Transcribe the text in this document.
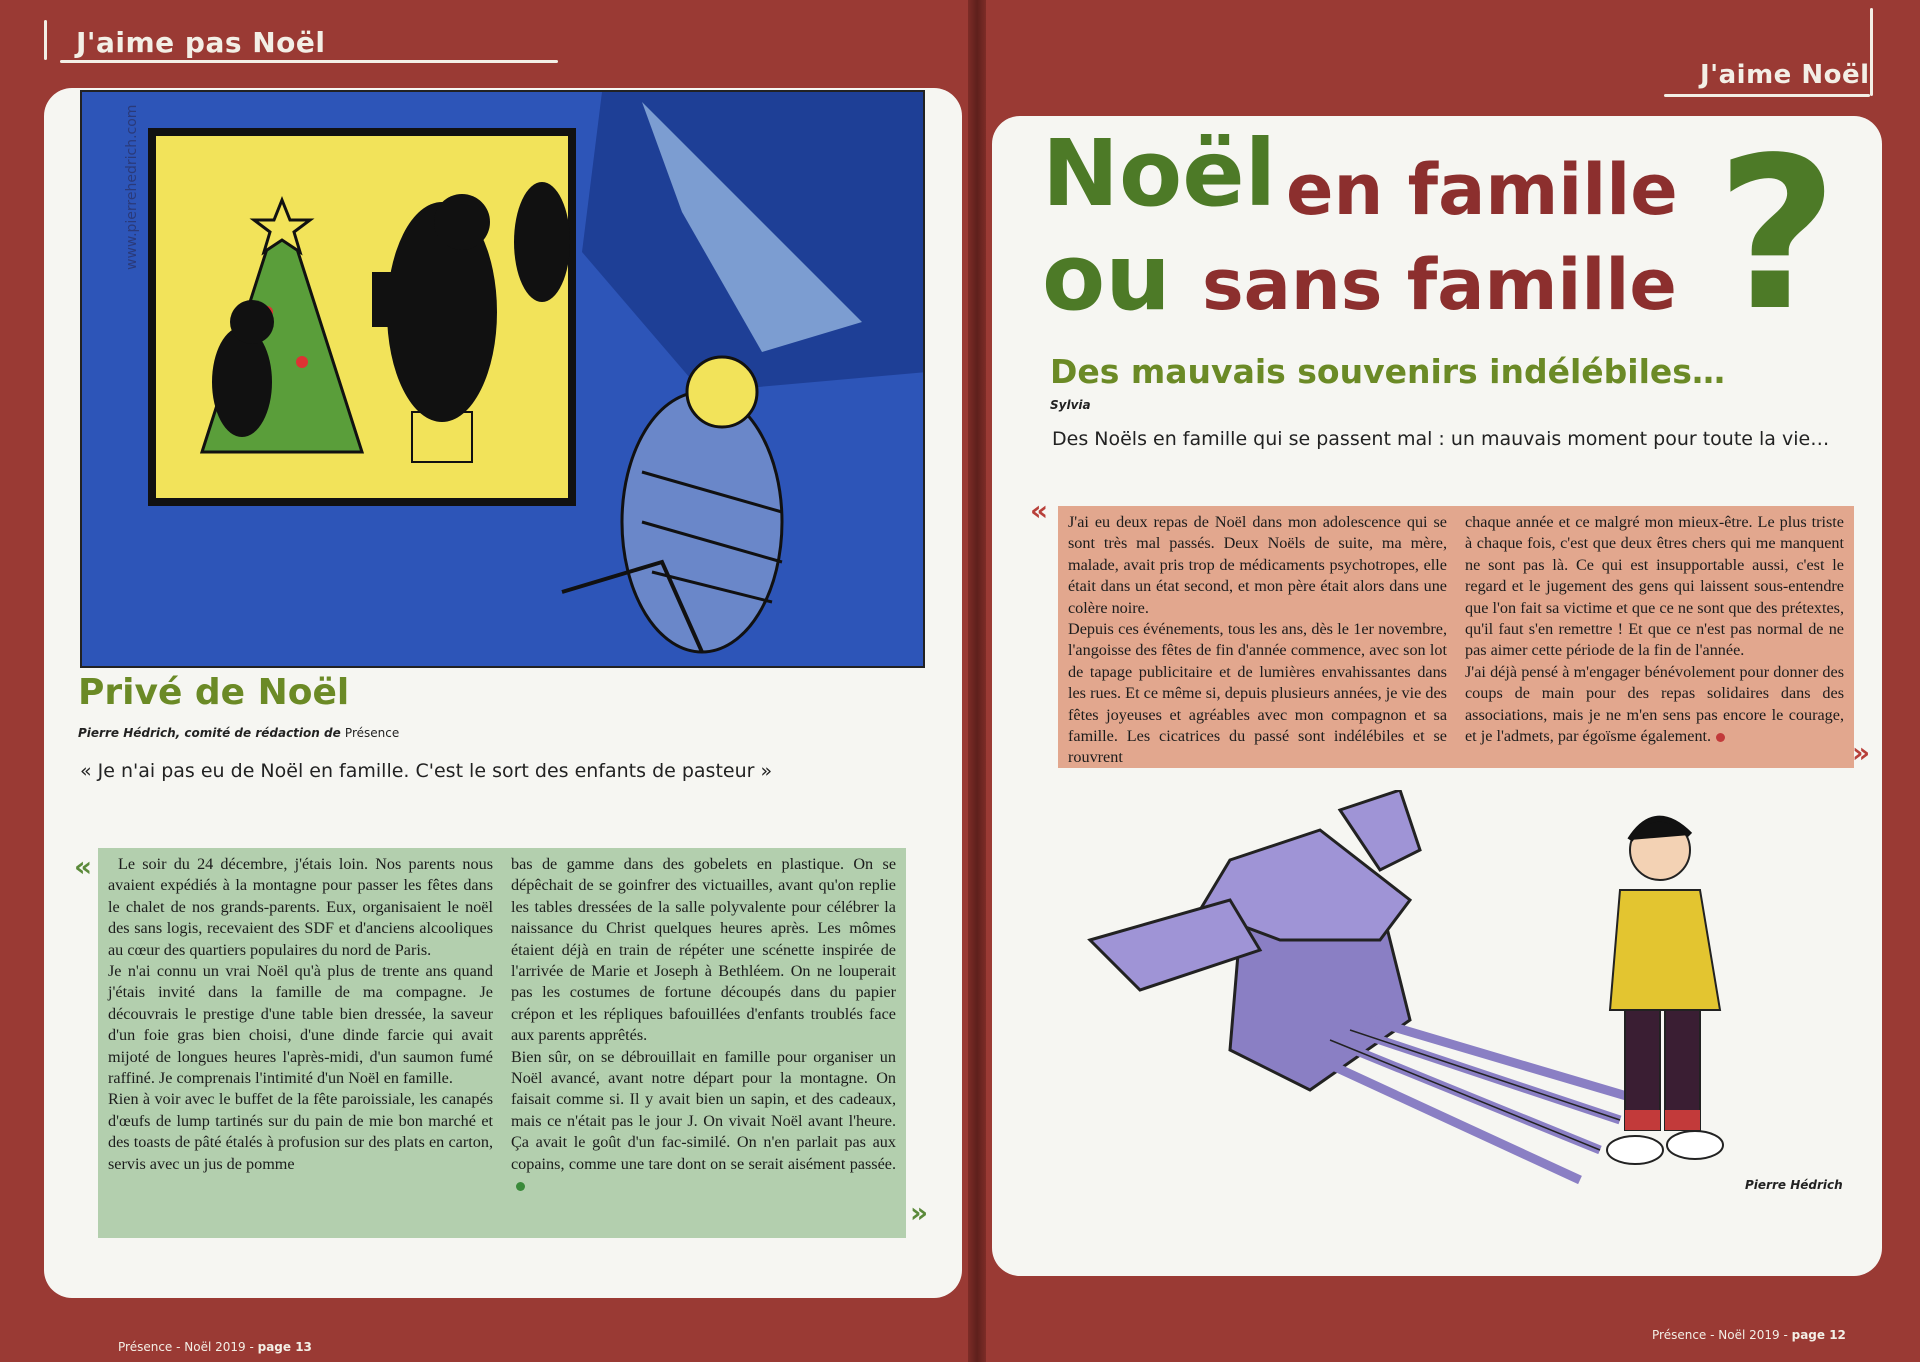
J'aime pas Noël
www.pierrehedrich.com
Privé de Noël
Pierre Hédrich, comité de rédaction de Présence
« Je n'ai pas eu de Noël en famille. C'est le sort des enfants de pasteur »
«	Le soir du 24 décembre, j'étais loin. Nos parents nous avaient expédiés à la montagne pour passer les fêtes dans le chalet de nos grands-parents. Eux, organisaient le noël des sans logis, recevaient des SDF et d'anciens alcooliques au cœur des quartiers populaires du nord de Paris.

Je n'ai connu un vrai Noël qu'à plus de trente ans quand j'étais invité dans la famille de ma compagne. Je découvrais le prestige d'une table bien dressée, la saveur d'un foie gras bien choisi, d'une dinde farcie qui avait mijoté de longues heures l'après-midi, d'un saumon fumé raffiné. Je comprenais l'intimité d'un Noël en famille.

Rien à voir avec le buffet de la fête paroissiale, les canapés d'œufs de lump tartinés sur du pain de mie bon marché et des toasts de pâté étalés à profusion sur des plats en carton, servis avec un jus de pomme

bas de gamme dans des gobelets en plastique. On se dépêchait de se goinfrer des victuailles, avant qu'on replie les tables dressées de la salle polyvalente pour célébrer la naissance du Christ quelques heures après. Les mômes étaient déjà en train de répéter une scénette inspirée de l'arrivée de Marie et Joseph à Bethléem. On ne louperait pas les costumes de fortune découpés dans du papier crépon et les répliques bafouillées d'enfants troublés face aux parents apprêtés.

Bien sûr, on se débrouillait en famille pour organiser un Noël avancé, avant notre départ pour la montagne. On faisait comme si. Il y avait bien un sapin, et des cadeaux, mais ce n'était pas le jour J. On vivait Noël avant l'heure. Ça avait le goût d'un fac-similé. On n'en parlait pas aux copains, comme une tare dont on se serait aisément passée.

»
Présence - Noël 2019 - page 13
J'aime Noël
Noël en famille
ou sans famille ?
Des mauvais souvenirs indélébiles…
Sylvia
Des Noëls en famille qui se passent mal : un mauvais moment pour toute la vie…
« J'ai eu deux repas de Noël dans mon adolescence qui se sont très mal passés. Deux Noëls de suite, ma mère, malade, avait pris trop de médicaments psychotropes, elle était dans un état second, et mon père était alors dans une colère noire.

Depuis ces événements, tous les ans, dès le 1er novembre, l'angoisse des fêtes de fin d'année commence, avec son lot de tapage publicitaire et de lumières envahissantes dans les rues. Et ce même si, depuis plusieurs années, je vie des fêtes joyeuses et agréables avec mon compagnon et sa famille. Les cicatrices du passé sont indélébiles et se rouvrent

chaque année et ce malgré mon mieux-être. Le plus triste à chaque fois, c'est que deux êtres chers qui me manquent ne sont pas là. Ce qui est insupportable aussi, c'est le regard et le jugement des gens qui laissent sous-entendre que l'on fait sa victime et que ce ne sont que des prétextes, qu'il faut s'en remettre ! Et que ce n'est pas normal de ne pas aimer cette période de la fin de l'année.

J'ai déjà pensé à m'engager bénévolement pour donner des coups de main pour des repas solidaires dans des associations, mais je ne m'en sens pas encore le courage, et je l'admets, par égoïsme également.	»
Pierre Hédrich
Présence - Noël 2019 - page 12
